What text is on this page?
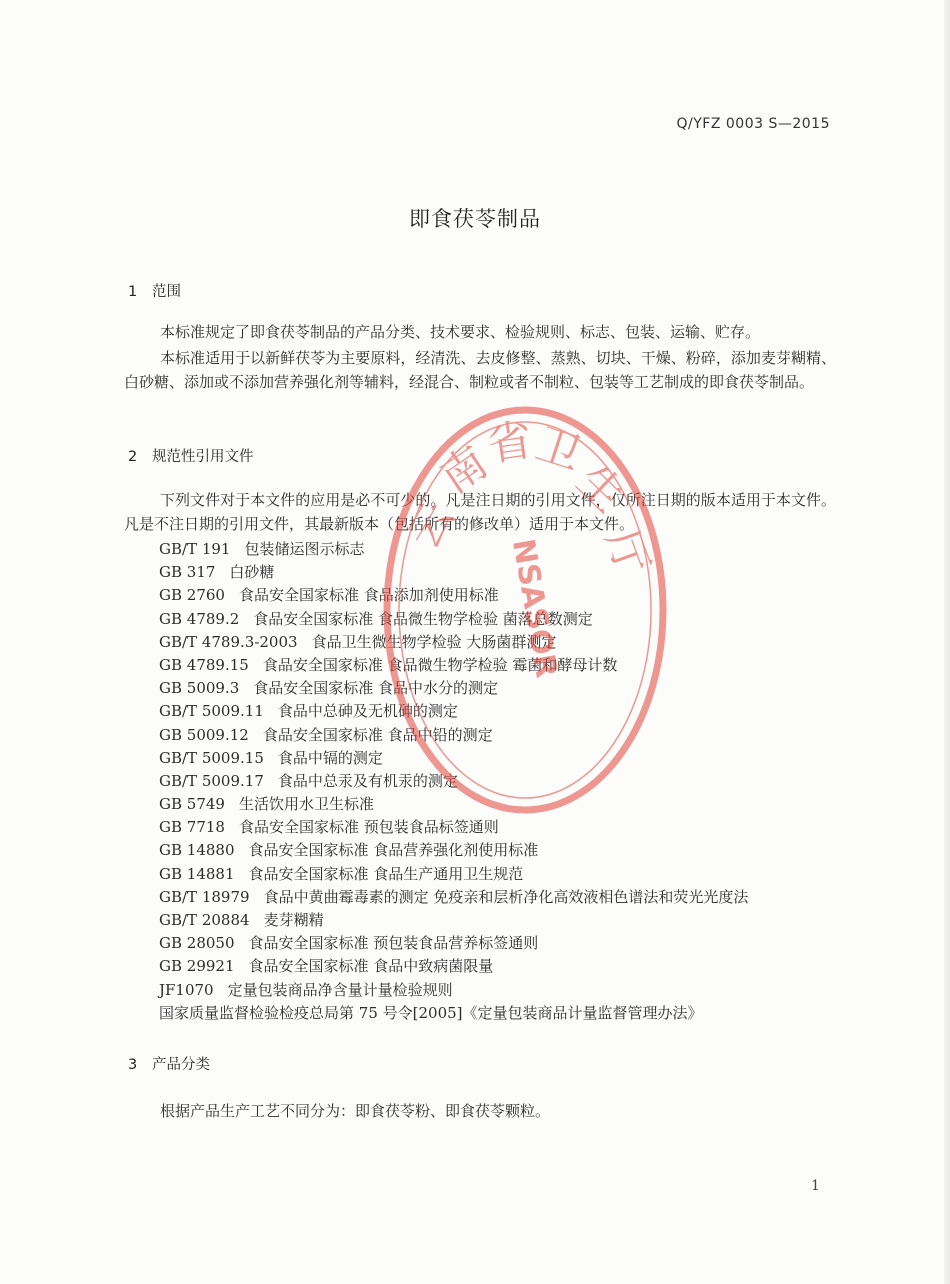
Q/YFZ 0003 S—2015
即食茯苓制品
1 范围
本标准规定了即食茯苓制品的产品分类、技术要求、检验规则、标志、包装、运输、贮存。
本标准适用于以新鲜茯苓为主要原料，经清洗、去皮修整、蒸熟、切块、干燥、粉碎，添加麦芽糊精、白砂糖、添加或不添加营养强化剂等辅料，经混合、制粒或者不制粒、包装等工艺制成的即食茯苓制品。
2 规范性引用文件
下列文件对于本文件的应用是必不可少的。凡是注日期的引用文件，仅所注日期的版本适用于本文件。凡是不注日期的引用文件，其最新版本（包括所有的修改单）适用于本文件。
GB/T 191 包装储运图示标志
GB 317 白砂糖
GB 2760 食品安全国家标准 食品添加剂使用标准
GB 4789.2 食品安全国家标准 食品微生物学检验 菌落总数测定
GB/T 4789.3-2003 食品卫生微生物学检验 大肠菌群测定
GB 4789.15 食品安全国家标准 食品微生物学检验 霉菌和酵母计数
GB 5009.3 食品安全国家标准 食品中水分的测定
GB/T 5009.11 食品中总砷及无机砷的测定
GB 5009.12 食品安全国家标准 食品中铅的测定
GB/T 5009.15 食品中镉的测定
GB/T 5009.17 食品中总汞及有机汞的测定
GB 5749 生活饮用水卫生标准
GB 7718 食品安全国家标准 预包装食品标签通则
GB 14880 食品安全国家标准 食品营养强化剂使用标准
GB 14881 食品安全国家标准 食品生产通用卫生规范
GB/T 18979 食品中黄曲霉毒素的测定 免疫亲和层析净化高效液相色谱法和荧光光度法
GB/T 20884 麦芽糊精
GB 28050 食品安全国家标准 预包装食品营养标签通则
GB 29921 食品安全国家标准 食品中致病菌限量
JF1070 定量包装商品净含量计量检验规则
国家质量监督检验检疫总局第 75 号令[2005]《定量包装商品计量监督管理办法》
3 产品分类
根据产品生产工艺不同分为：即食茯苓粉、即食茯苓颗粒。
NSASOR
云
南
省
卫
生
厅
1
